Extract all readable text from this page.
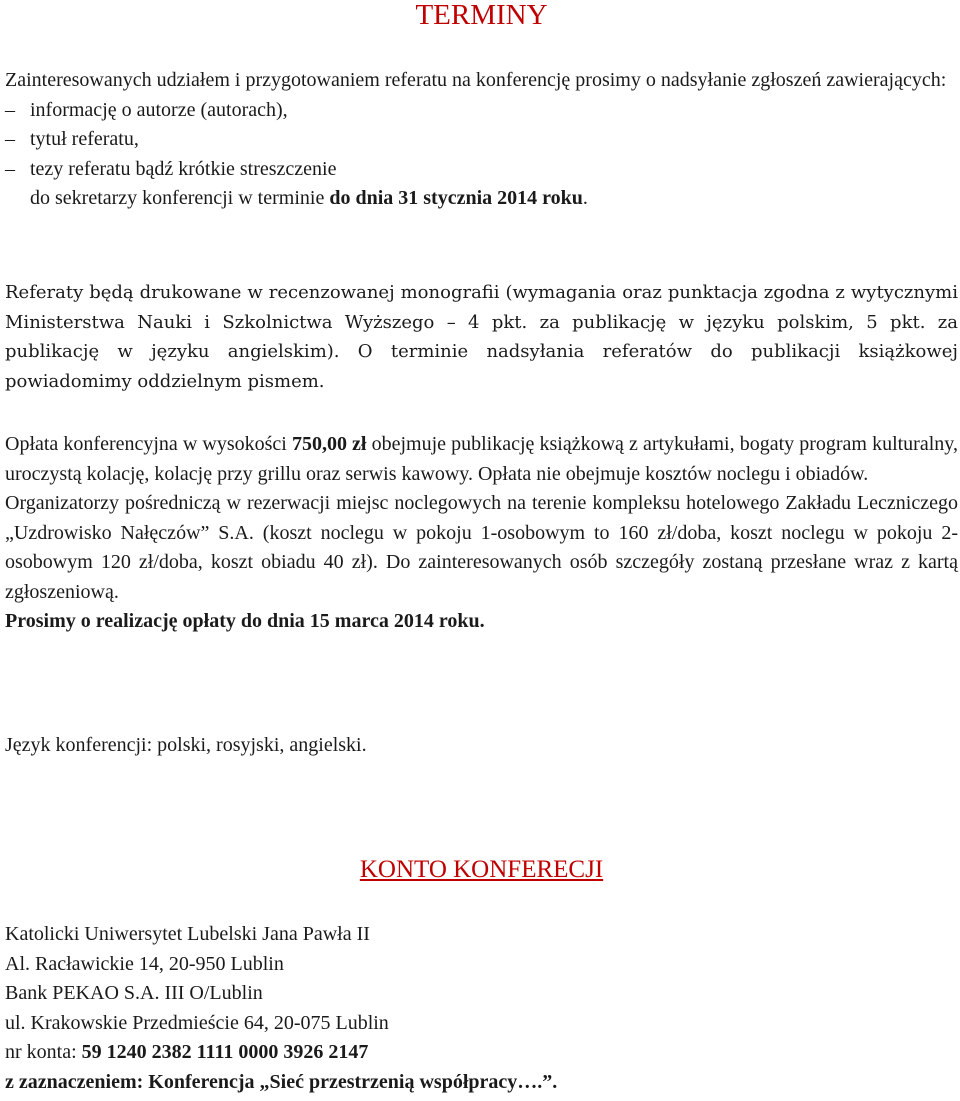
TERMINY

Zainteresowanych udziałem i przygotowaniem referatu na konferencję prosimy o nadsyłanie zgłoszeń zawierających:

– informację o autorze (autorach),
– tytuł referatu,
– tezy referatu bądź krótkie streszczenie

do sekretarzy konferencji w terminie do dnia 31 stycznia 2014 roku.

Referaty będą drukowane w recenzowanej monografii (wymagania oraz punktacja zgodna z wytycznymi Ministerstwa Nauki i Szkolnictwa Wyższego – 4 pkt. za publikację w języku polskim, 5 pkt. za publikację w języku angielskim). O terminie nadsyłania referatów do publikacji książkowej powiadomimy oddzielnym pismem.

Opłata konferencyjna w wysokości 750,00 zł obejmuje publikację książkową z artykułami, bogaty program kulturalny, uroczystą kolację, kolację przy grillu oraz serwis kawowy. Opłata nie obejmuje kosztów noclegu i obiadów.

Organizatorzy pośredniczą w rezerwacji miejsc noclegowych na terenie kompleksu hotelowego Zakładu Leczniczego „Uzdrowisko Nałęczów” S.A. (koszt noclegu w pokoju 1-osobowym to 160 zł/doba, koszt noclegu w pokoju 2-osobowym 120 zł/doba, koszt obiadu 40 zł). Do zainteresowanych osób szczegóły zostaną przesłane wraz z kartą zgłoszeniową.

Prosimy o realizację opłaty do dnia 15 marca 2014 roku.

Język konferencji: polski, rosyjski, angielski.

KONTO KONFERECJI

Katolicki Uniwersytet Lubelski Jana Pawła II

Al. Racławickie 14, 20-950 Lublin

Bank PEKAO S.A. III O/Lublin

ul. Krakowskie Przedmieście 64, 20-075 Lublin

nr konta: 59 1240 2382 1111 0000 3926 2147

z zaznaczeniem: Konferencja „Sieć przestrzenią współpracy….”.
